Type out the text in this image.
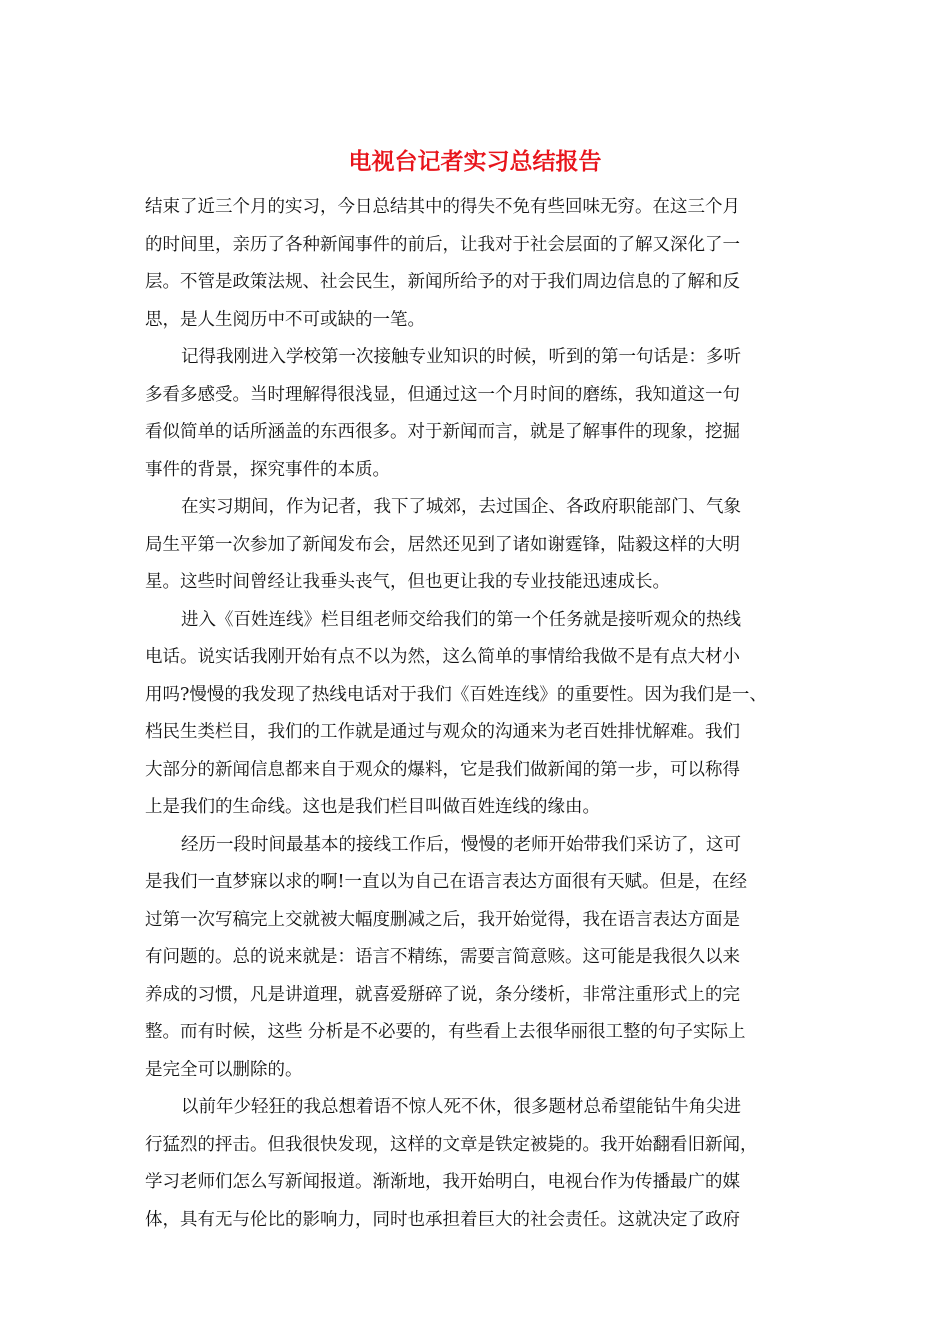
电视台记者实习总结报告

结束了近三个月的实习，今日总结其中的得失不免有些回味无穷。在这三个月
的时间里，亲历了各种新闻事件的前后，让我对于社会层面的了解又深化了一
层。不管是政策法规、社会民生，新闻所给予的对于我们周边信息的了解和反
思，是人生阅历中不可或缺的一笔。

记得我刚进入学校第一次接触专业知识的时候，听到的第一句话是：多听
多看多感受。当时理解得很浅显，但通过这一个月时间的磨练，我知道这一句
看似简单的话所涵盖的东西很多。对于新闻而言，就是了解事件的现象，挖掘
事件的背景，探究事件的本质。

在实习期间，作为记者，我下了城郊，去过国企、各政府职能部门、气象
局生平第一次参加了新闻发布会，居然还见到了诸如谢霆锋，陆毅这样的大明
星。这些时间曾经让我垂头丧气，但也更让我的专业技能迅速成长。

进入《百姓连线》栏目组老师交给我们的第一个任务就是接听观众的热线
电话。说实话我刚开始有点不以为然，这么简单的事情给我做不是有点大材小
用吗?慢慢的我发现了热线电话对于我们《百姓连线》的重要性。因为我们是一、
档民生类栏目，我们的工作就是通过与观众的沟通来为老百姓排忧解难。我们
大部分的新闻信息都来自于观众的爆料，它是我们做新闻的第一步，可以称得
上是我们的生命线。这也是我们栏目叫做百姓连线的缘由。

经历一段时间最基本的接线工作后，慢慢的老师开始带我们采访了，这可
是我们一直梦寐以求的啊!一直以为自己在语言表达方面很有天赋。但是，在经
过第一次写稿完上交就被大幅度删减之后，我开始觉得，我在语言表达方面是
有问题的。总的说来就是：语言不精练，需要言简意赅。这可能是我很久以来
养成的习惯，凡是讲道理，就喜爱掰碎了说，条分缕析，非常注重形式上的完
整。而有时候，这些 分析是不必要的，有些看上去很华丽很工整的句子实际上
是完全可以删除的。

以前年少轻狂的我总想着语不惊人死不休，很多题材总希望能钻牛角尖进
行猛烈的抨击。但我很快发现，这样的文章是铁定被毙的。我开始翻看旧新闻，
学习老师们怎么写新闻报道。渐渐地，我开始明白，电视台作为传播最广的媒
体，具有无与伦比的影响力，同时也承担着巨大的社会责任。这就决定了政府
